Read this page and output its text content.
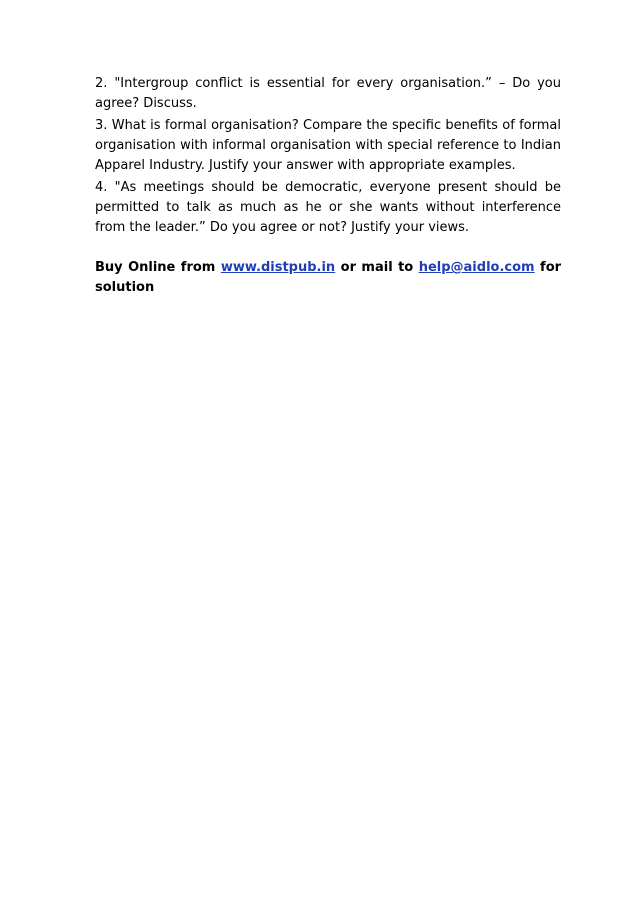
2. "Intergroup conflict is essential for every organisation.” – Do you agree? Discuss.

3. What is formal organisation? Compare the specific benefits of formal organisation with informal organisation with special reference to Indian Apparel Industry. Justify your answer with appropriate examples.

4. "As meetings should be democratic, everyone present should be permitted to talk as much as he or she wants without interference from the leader.” Do you agree or not? Justify your views.

Buy Online from www.distpub.in or mail to help@aidlo.com for solution
